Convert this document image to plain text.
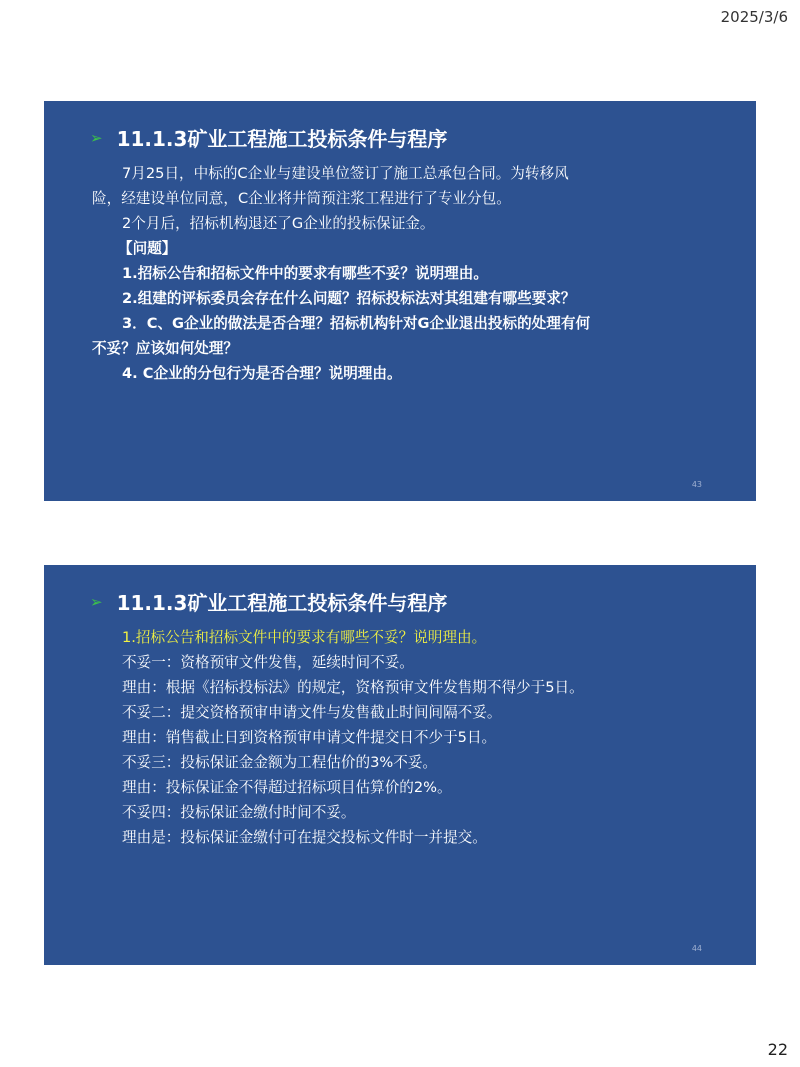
2025/3/6
➢ 11.1.3矿业工程施工投标条件与程序

7月25日，中标的C企业与建设单位签订了施工总承包合同。为转移风险，经建设单位同意，C企业将井筒预注浆工程进行了专业分包。

2个月后，招标机构退还了G企业的投标保证金。

【问题】

1.招标公告和招标文件中的要求有哪些不妥？说明理由。

2.组建的评标委员会存在什么问题？招标投标法对其组建有哪些要求？

3．C、G企业的做法是否合理？招标机构针对G企业退出投标的处理有何不妥？应该如何处理？

4. C企业的分包行为是否合理？说明理由。

43
➢ 11.1.3矿业工程施工投标条件与程序

1.招标公告和招标文件中的要求有哪些不妥？说明理由。

不妥一：资格预审文件发售，延续时间不妥。

理由：根据《招标投标法》的规定，资格预审文件发售期不得少于5日。

不妥二：提交资格预审申请文件与发售截止时间间隔不妥。

理由：销售截止日到资格预审申请文件提交日不少于5日。

不妥三：投标保证金金额为工程估价的3%不妥。

理由：投标保证金不得超过招标项目估算价的2%。

不妥四：投标保证金缴付时间不妥。

理由是：投标保证金缴付可在提交投标文件时一并提交。

44
22
